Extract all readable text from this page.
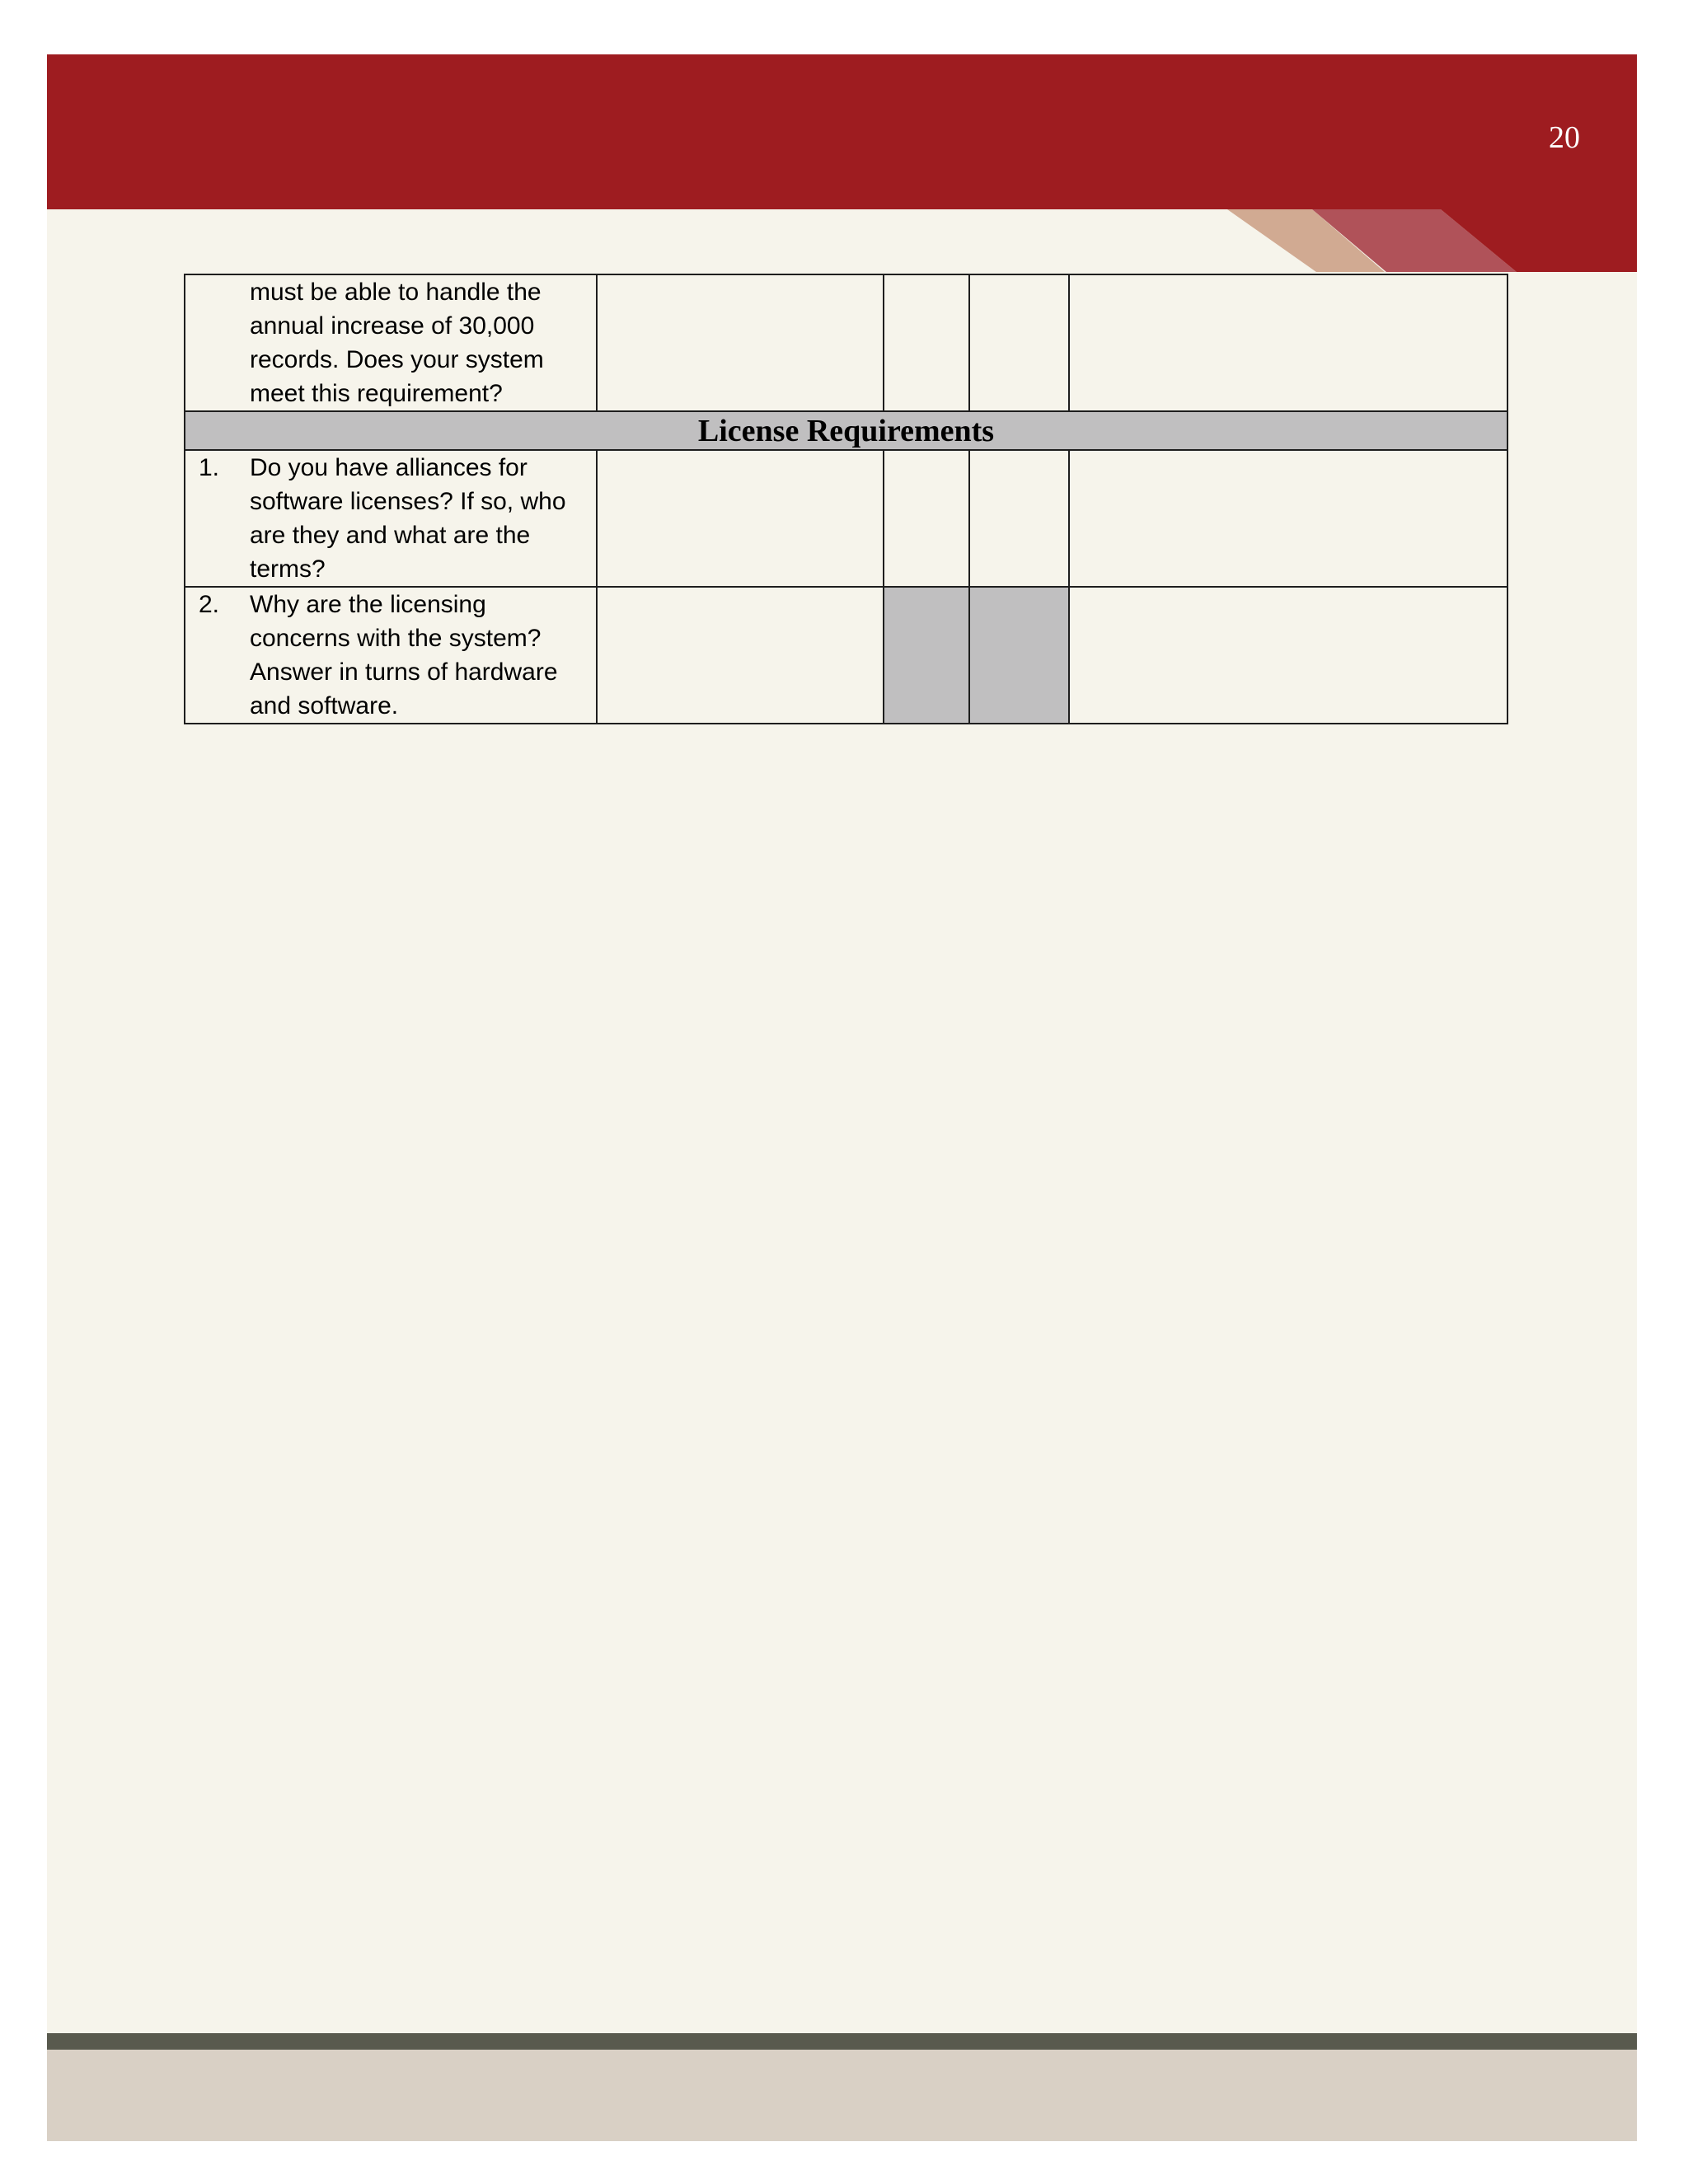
20
must be able to handle the
annual increase of 30,000
records. Does your system
meet this requirement?				

License Requirements				

1. Do you have alliances for
software licenses? If so, who
are they and what are the
terms?				

2. Why are the licensing
concerns with the system?
Answer in turns of hardware
and software.				
